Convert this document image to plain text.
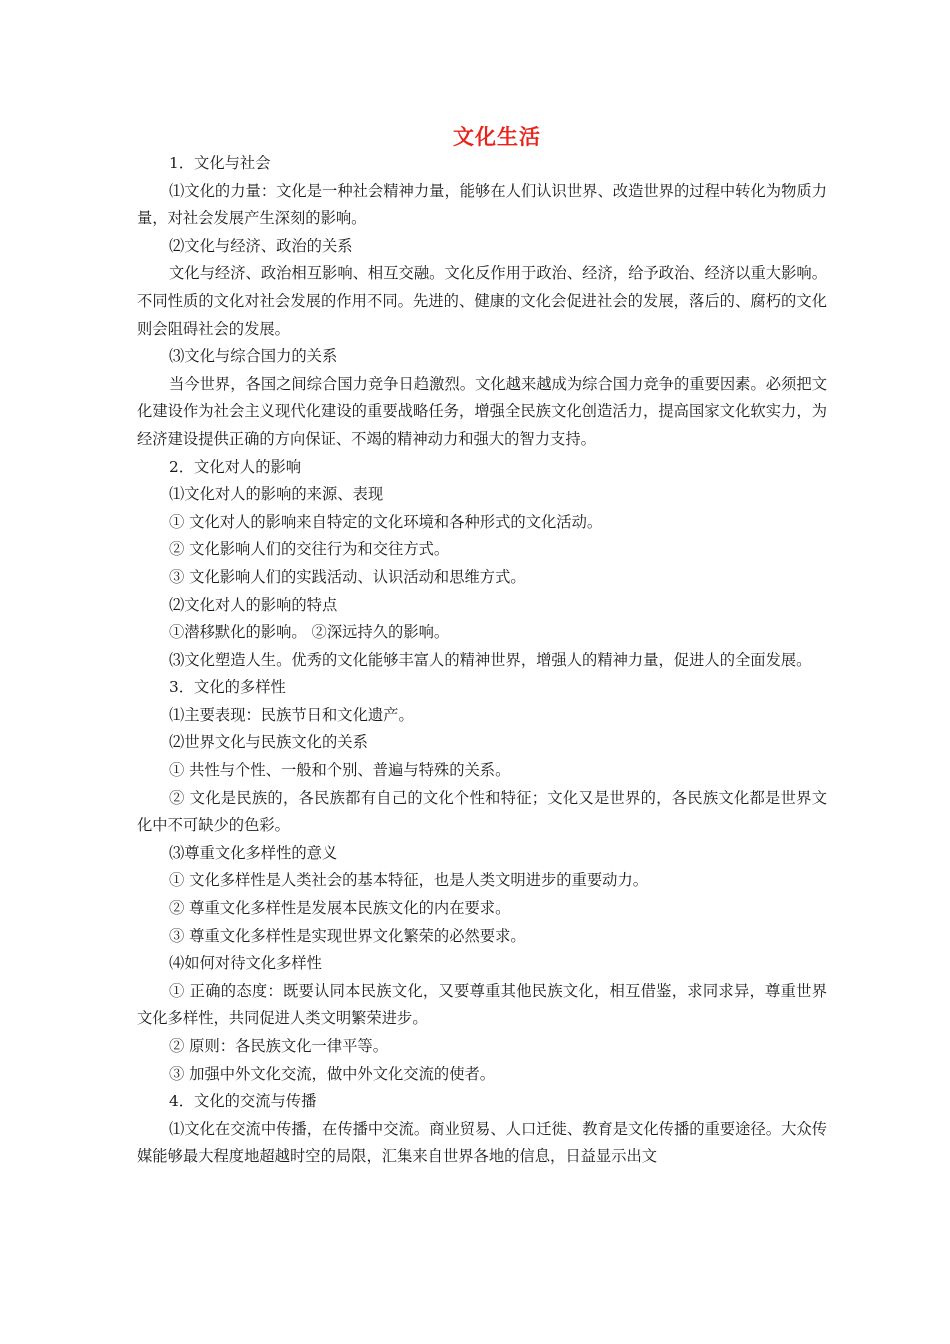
文化生活

1．文化与社会

⑴文化的力量：文化是一种社会精神力量，能够在人们认识世界、改造世界的过程中转化为物质力量，对社会发展产生深刻的影响。

⑵文化与经济、政治的关系

文化与经济、政治相互影响、相互交融。文化反作用于政治、经济，给予政治、经济以重大影响。不同性质的文化对社会发展的作用不同。先进的、健康的文化会促进社会的发展，落后的、腐朽的文化则会阻碍社会的发展。

⑶文化与综合国力的关系

当今世界，各国之间综合国力竞争日趋激烈。文化越来越成为综合国力竞争的重要因素。必须把文化建设作为社会主义现代化建设的重要战略任务，增强全民族文化创造活力，提高国家文化软实力，为经济建设提供正确的方向保证、不竭的精神动力和强大的智力支持。

2．文化对人的影响

⑴文化对人的影响的来源、表现

① 文化对人的影响来自特定的文化环境和各种形式的文化活动。

② 文化影响人们的交往行为和交往方式。

③ 文化影响人们的实践活动、认识活动和思维方式。

⑵文化对人的影响的特点

①潜移默化的影响。 ②深远持久的影响。

⑶文化塑造人生。优秀的文化能够丰富人的精神世界，增强人的精神力量，促进人的全面发展。

3．文化的多样性

⑴主要表现：民族节日和文化遗产。

⑵世界文化与民族文化的关系

① 共性与个性、一般和个别、普遍与特殊的关系。

② 文化是民族的，各民族都有自己的文化个性和特征；文化又是世界的，各民族文化都是世界文化中不可缺少的色彩。

⑶尊重文化多样性的意义

① 文化多样性是人类社会的基本特征，也是人类文明进步的重要动力。

② 尊重文化多样性是发展本民族文化的内在要求。

③ 尊重文化多样性是实现世界文化繁荣的必然要求。

⑷如何对待文化多样性

① 正确的态度：既要认同本民族文化，又要尊重其他民族文化，相互借鉴，求同求异，尊重世界文化多样性，共同促进人类文明繁荣进步。

② 原则：各民族文化一律平等。

③ 加强中外文化交流，做中外文化交流的使者。

4．文化的交流与传播

⑴文化在交流中传播，在传播中交流。商业贸易、人口迁徙、教育是文化传播的重要途径。大众传媒能够最大程度地超越时空的局限，汇集来自世界各地的信息，日益显示出文
